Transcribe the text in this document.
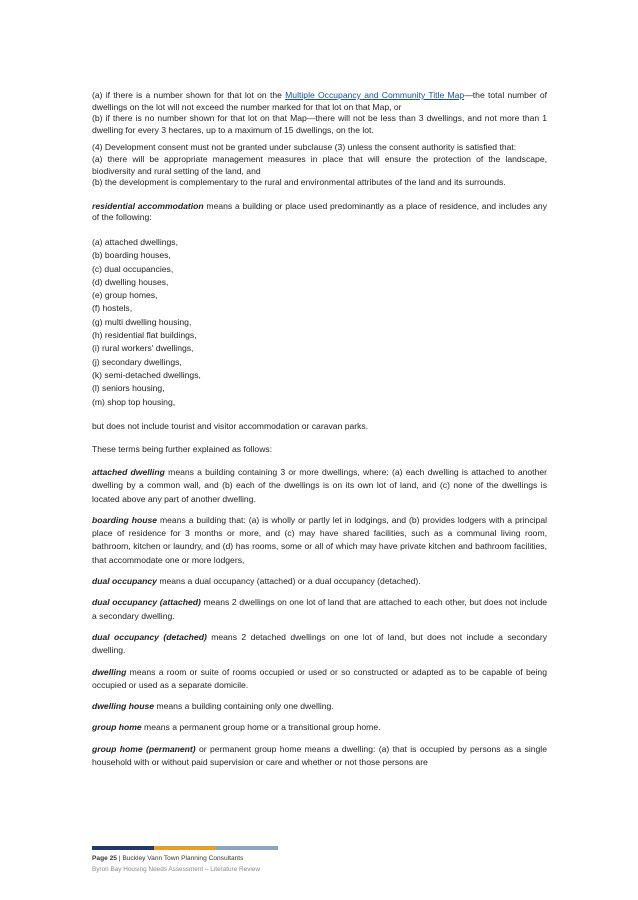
(a) if there is a number shown for that lot on the Multiple Occupancy and Community Title Map—the total number of dwellings on the lot will not exceed the number marked for that lot on that Map, or

(b) if there is no number shown for that lot on that Map—there will not be less than 3 dwellings, and not more than 1 dwelling for every 3 hectares, up to a maximum of 15 dwellings, on the lot.

(4) Development consent must not be granted under subclause (3) unless the consent authority is satisfied that:

(a) there will be appropriate management measures in place that will ensure the protection of the landscape, biodiversity and rural setting of the land, and

(b) the development is complementary to the rural and environmental attributes of the land and its surrounds.

residential accommodation means a building or place used predominantly as a place of residence, and includes any of the following:

(a) attached dwellings,
(b) boarding houses,
(c) dual occupancies,
(d) dwelling houses,
(e) group homes,
(f) hostels,
(g) multi dwelling housing,
(h) residential flat buildings,
(i) rural workers' dwellings,
(j) secondary dwellings,
(k) semi-detached dwellings,
(l) seniors housing,
(m) shop top housing,

but does not include tourist and visitor accommodation or caravan parks.

These terms being further explained as follows:

attached dwelling means a building containing 3 or more dwellings, where: (a) each dwelling is attached to another dwelling by a common wall, and (b) each of the dwellings is on its own lot of land, and (c) none of the dwellings is located above any part of another dwelling.

boarding house means a building that: (a) is wholly or partly let in lodgings, and (b) provides lodgers with a principal place of residence for 3 months or more, and (c) may have shared facilities, such as a communal living room, bathroom, kitchen or laundry, and (d) has rooms, some or all of which may have private kitchen and bathroom facilities, that accommodate one or more lodgers,

dual occupancy means a dual occupancy (attached) or a dual occupancy (detached).

dual occupancy (attached) means 2 dwellings on one lot of land that are attached to each other, but does not include a secondary dwelling.

dual occupancy (detached) means 2 detached dwellings on one lot of land, but does not include a secondary dwelling.

dwelling means a room or suite of rooms occupied or used or so constructed or adapted as to be capable of being occupied or used as a separate domicile.

dwelling house means a building containing only one dwelling.

group home means a permanent group home or a transitional group home.

group home (permanent) or permanent group home means a dwelling: (a) that is occupied by persons as a single household with or without paid supervision or care and whether or not those persons are

Page 25 | Buckley Vann Town Planning Consultants
Byron Bay Housing Needs Assessment – Literature Review
